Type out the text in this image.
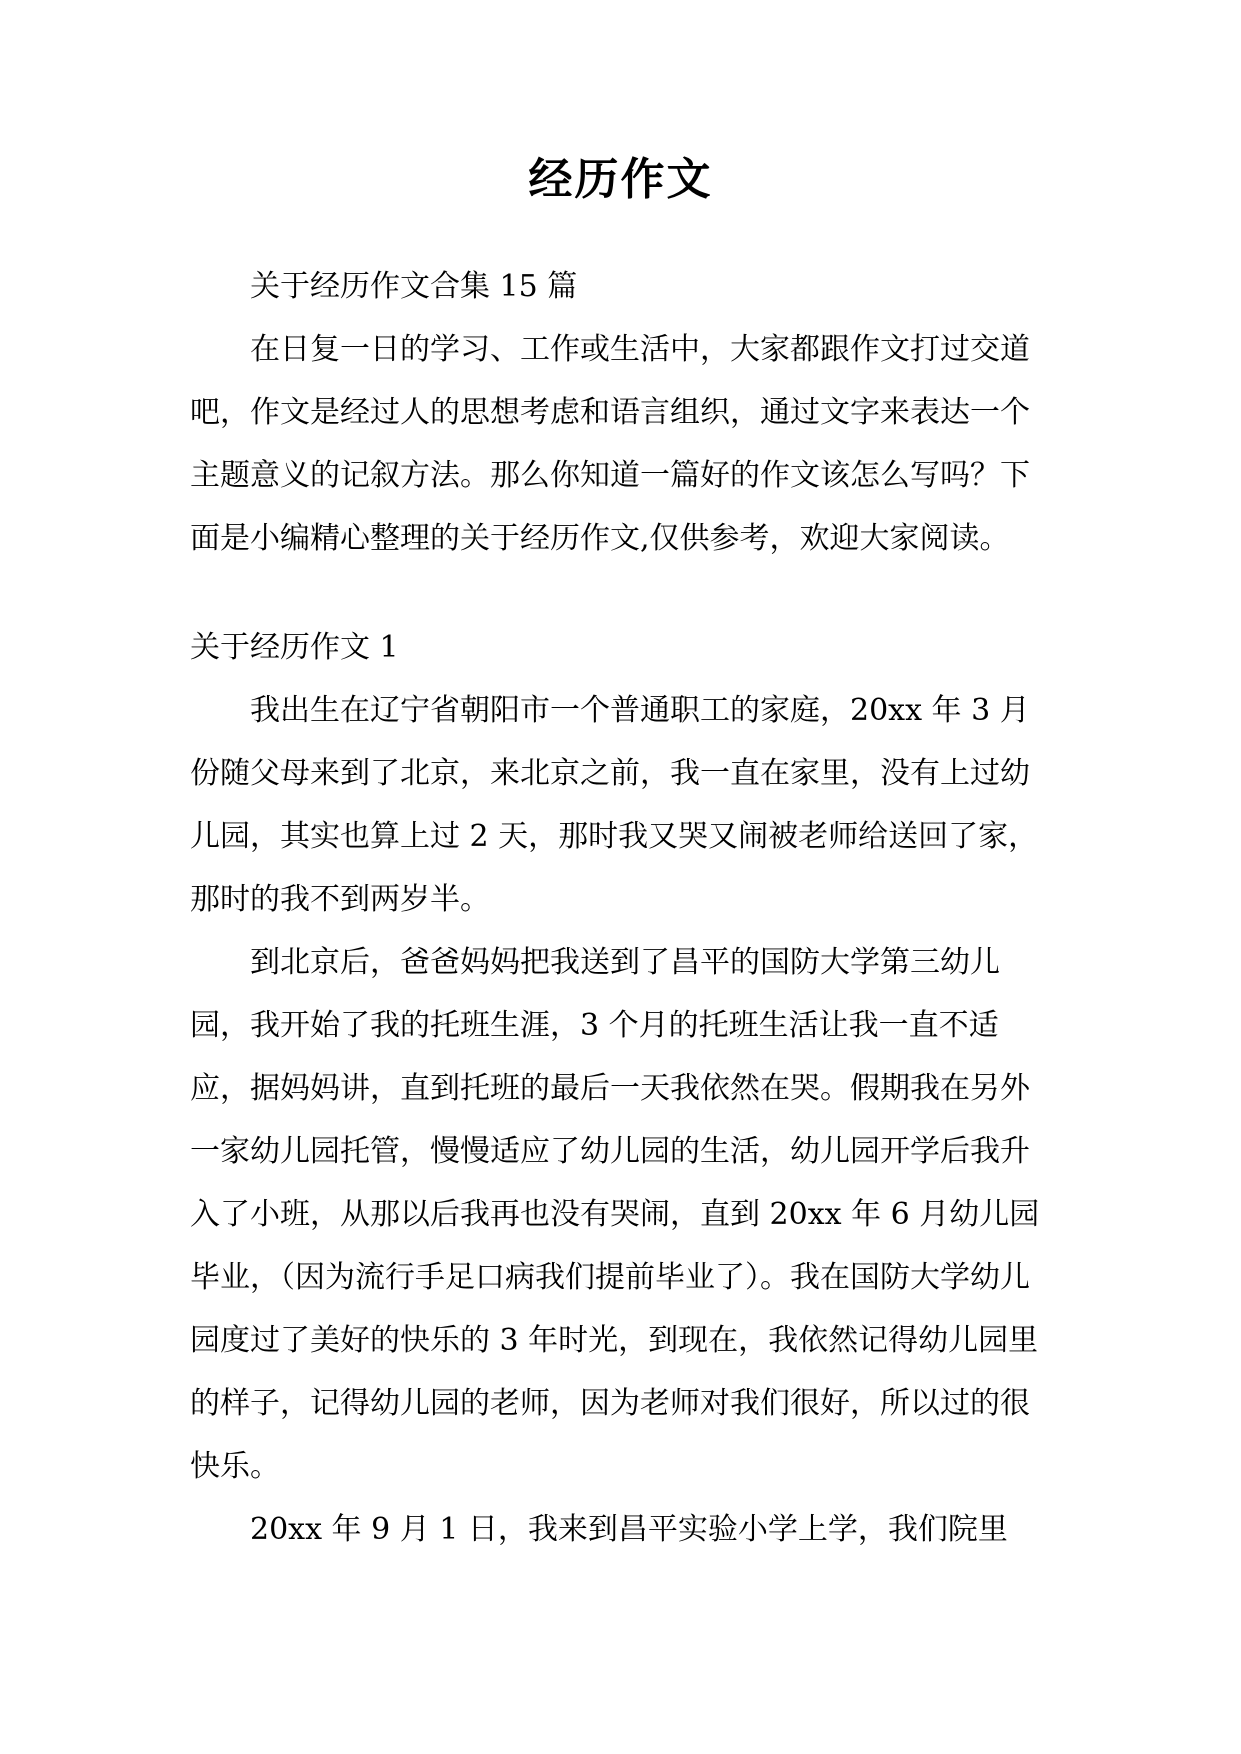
经历作文

关于经历作文合集 15 篇

在日复一日的学习、工作或生活中，大家都跟作文打过交道吧，作文是经过人的思想考虑和语言组织，通过文字来表达一个主题意义的记叙方法。那么你知道一篇好的作文该怎么写吗？下面是小编精心整理的关于经历作文,仅供参考，欢迎大家阅读。

关于经历作文 1

我出生在辽宁省朝阳市一个普通职工的家庭，20xx 年 3 月份随父母来到了北京，来北京之前，我一直在家里，没有上过幼儿园，其实也算上过 2 天，那时我又哭又闹被老师给送回了家，那时的我不到两岁半。

到北京后，爸爸妈妈把我送到了昌平的国防大学第三幼儿园，我开始了我的托班生涯，3 个月的托班生活让我一直不适应，据妈妈讲，直到托班的最后一天我依然在哭。假期我在另外一家幼儿园托管，慢慢适应了幼儿园的生活，幼儿园开学后我升入了小班，从那以后我再也没有哭闹，直到 20xx 年 6 月幼儿园毕业，（因为流行手足口病我们提前毕业了）。我在国防大学幼儿园度过了美好的快乐的 3 年时光，到现在，我依然记得幼儿园里的样子，记得幼儿园的老师，因为老师对我们很好，所以过的很快乐。

20xx 年 9 月 1 日，我来到昌平实验小学上学，我们院里
